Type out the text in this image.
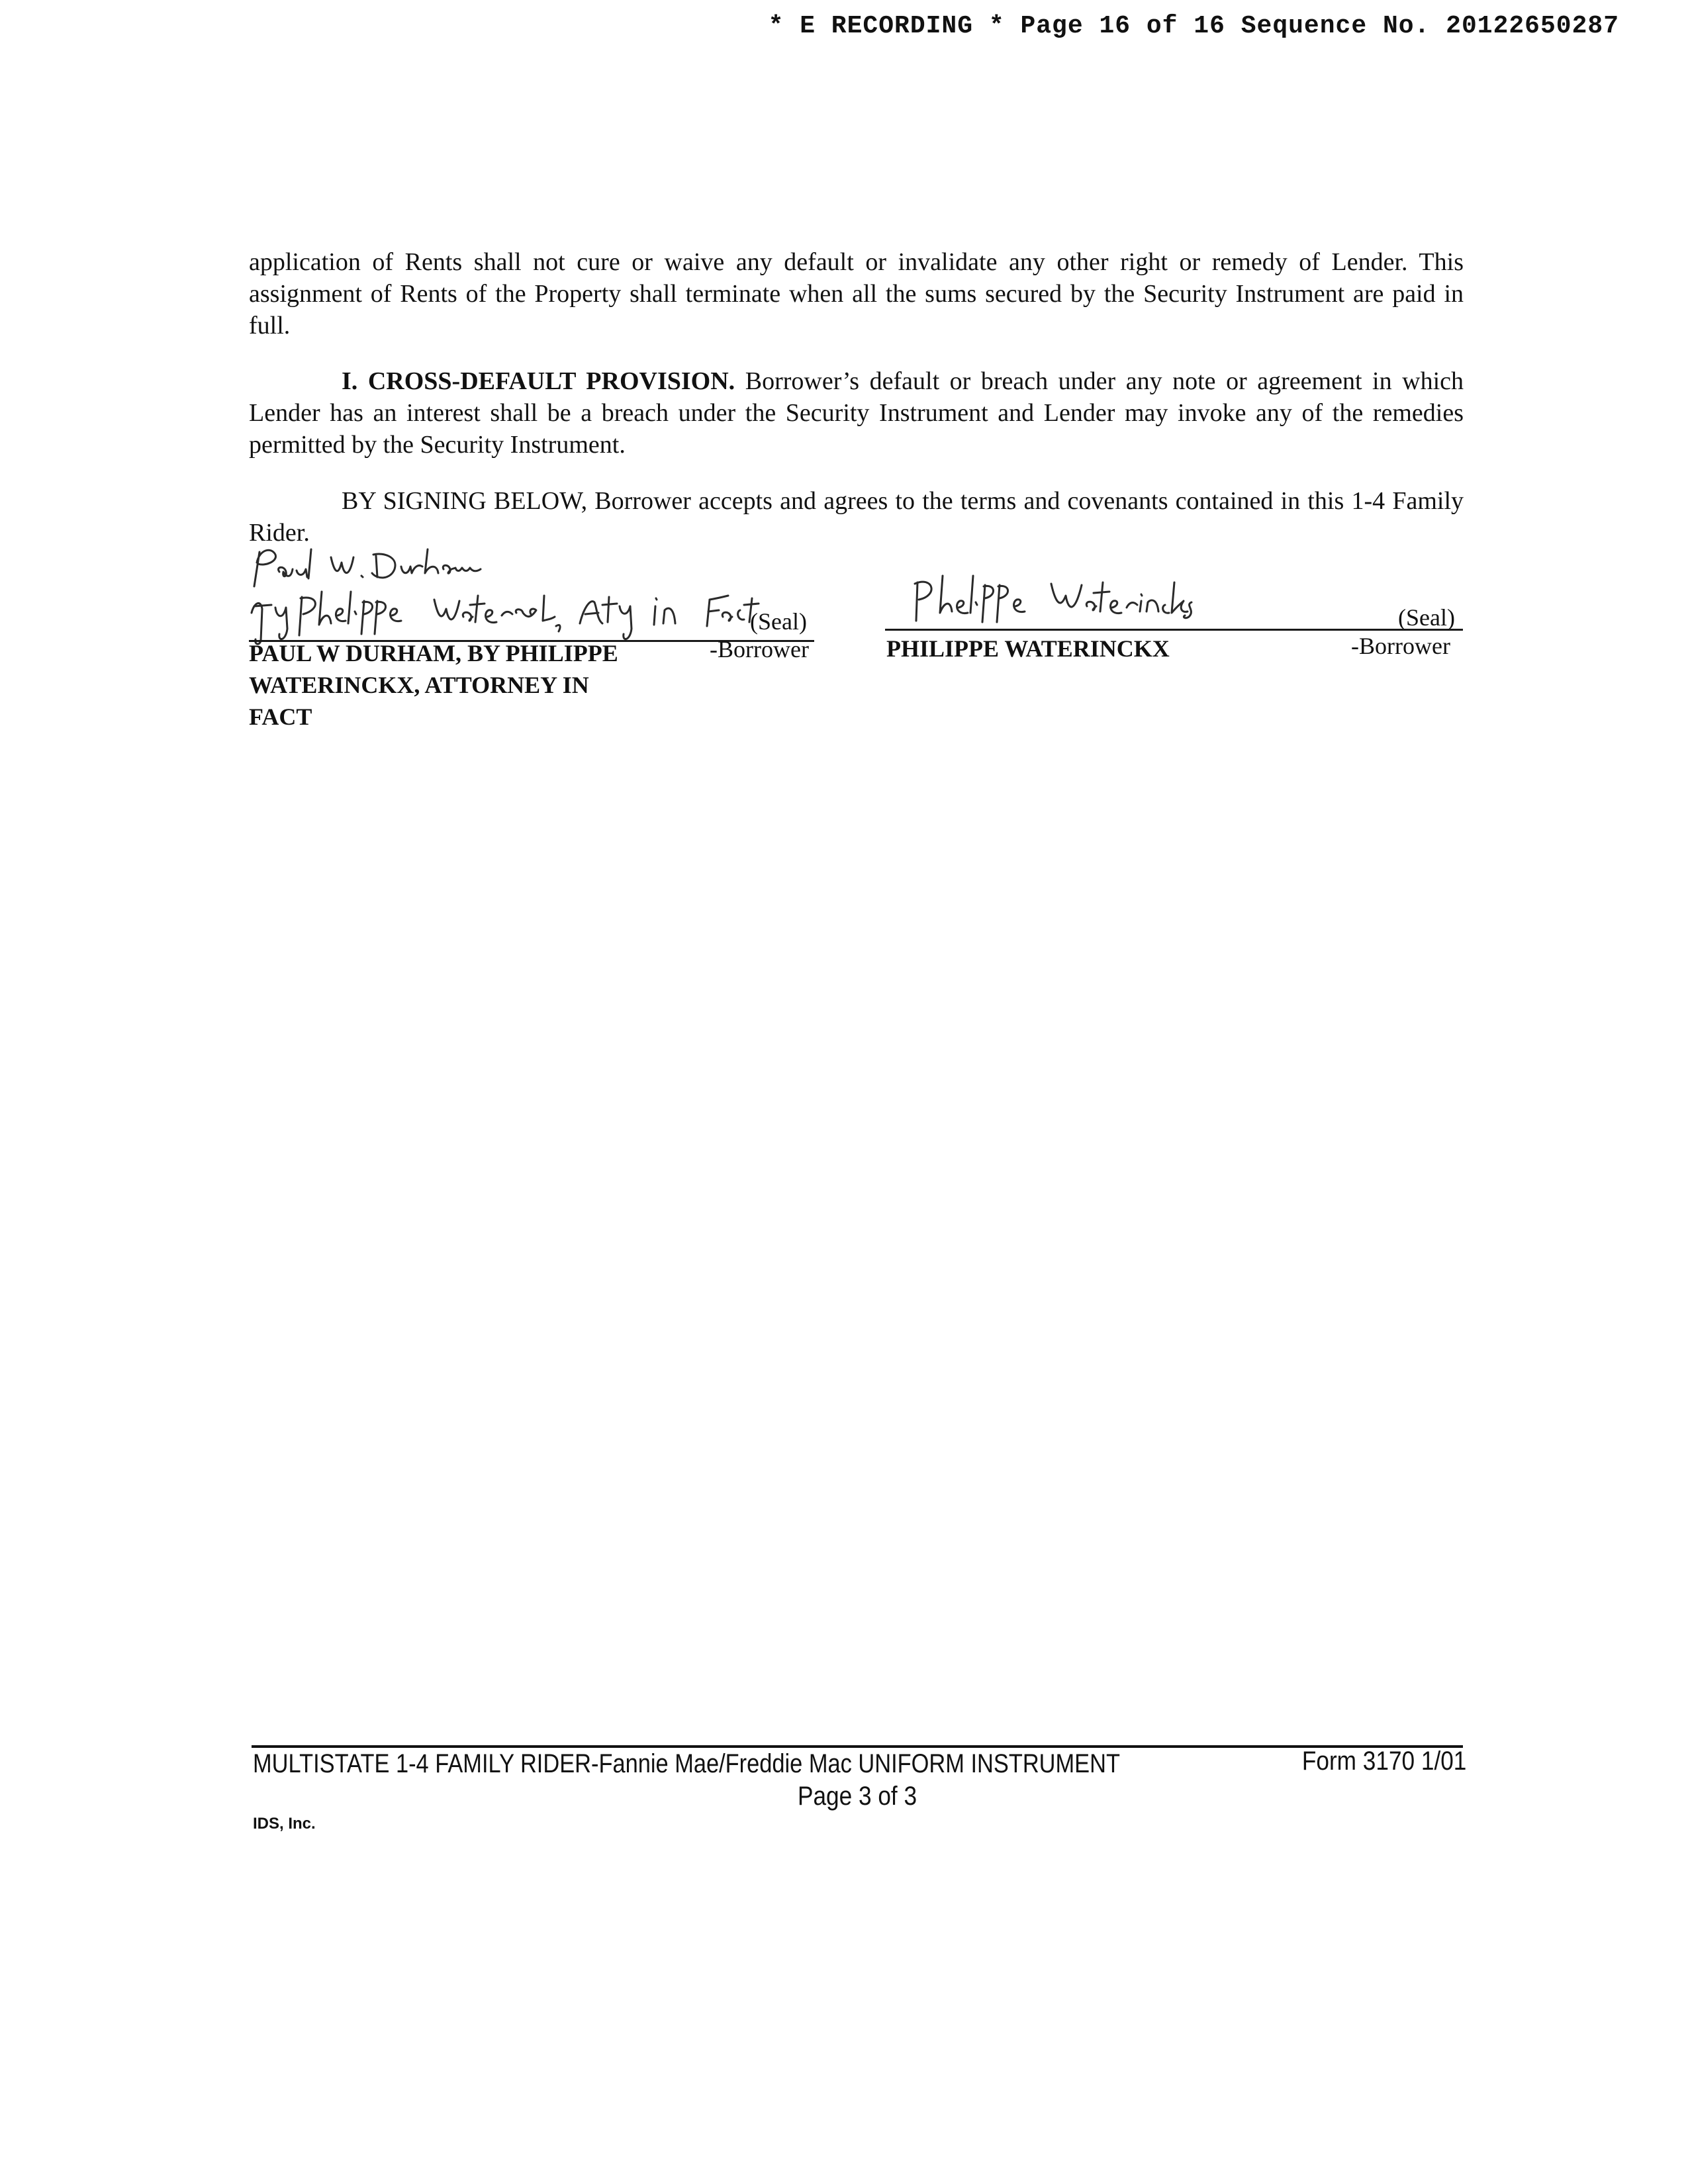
* E RECORDING * Page 16 of 16 Sequence No. 20122650287
application of Rents shall not cure or waive any default or invalidate any other right or remedy of Lender. This assignment of Rents of the Property shall terminate when all the sums secured by the Security Instrument are paid in full.
I. CROSS-DEFAULT PROVISION. Borrower’s default or breach under any note or agreement in which Lender has an interest shall be a breach under the Security Instrument and Lender may invoke any of the remedies permitted by the Security Instrument.
BY SIGNING BELOW, Borrower accepts and agrees to the terms and covenants contained in this 1-4 Family Rider.
(Seal)
-Borrower
PAUL W DURHAM, BY PHILIPPE
WATERINCKX, ATTORNEY IN
FACT
(Seal)
-Borrower
PHILIPPE WATERINCKX
MULTISTATE 1-4 FAMILY RIDER-Fannie Mae/Freddie Mac UNIFORM INSTRUMENT	Form 3170 1/01
Page 3 of 3
IDS, Inc.
